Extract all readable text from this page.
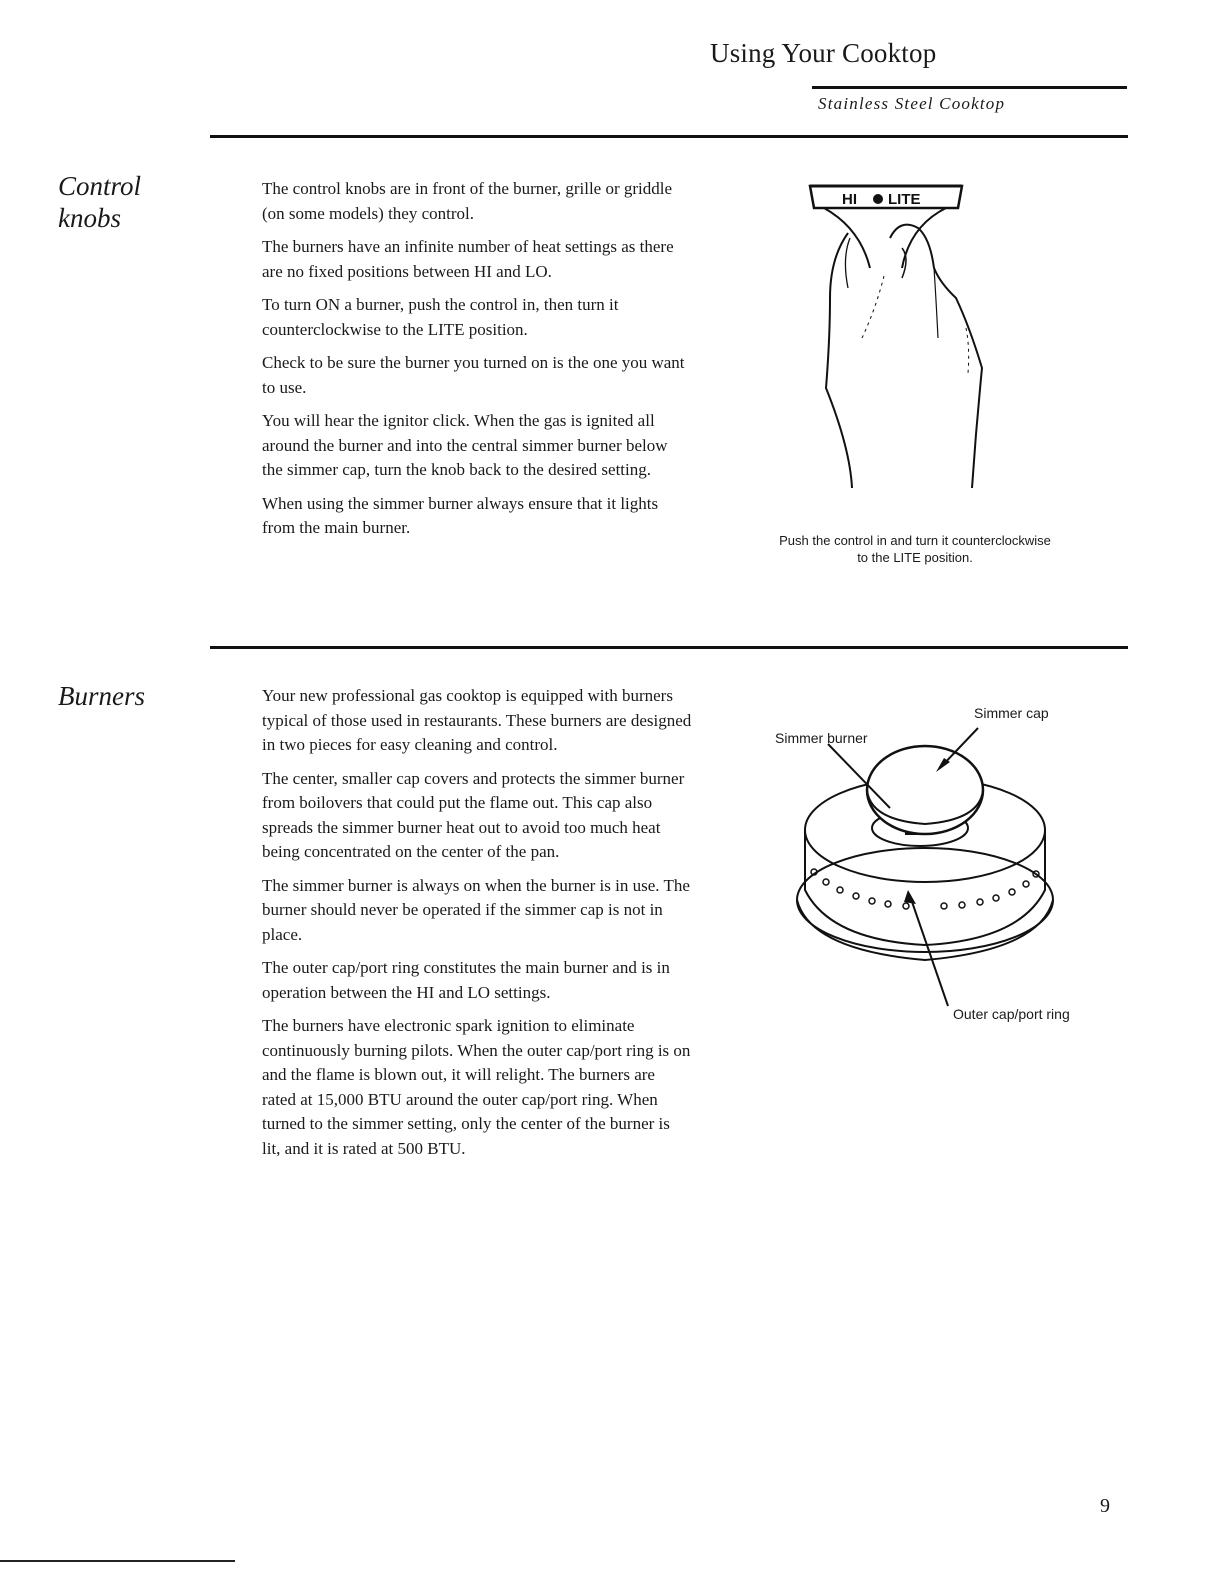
Using Your Cooktop
Stainless Steel Cooktop
Control
knobs

The control knobs are in front of the burner, grille or griddle (on some models) they control.

The burners have an infinite number of heat settings as there are no fixed positions between HI and LO.

To turn ON a burner, push the control in, then turn it counterclockwise to the LITE position.

Check to be sure the burner you turned on is the one you want to use.

You will hear the ignitor click. When the gas is ignited all around the burner and into the central simmer burner below the simmer cap, turn the knob back to the desired setting.

When using the simmer burner always ensure that it lights from the main burner.

HI LITE
Push the control in and turn it counterclockwise
to the LITE position.
Burners	Your new professional gas cooktop is equipped with burners typical of those used in restaurants. These burners are designed in two pieces for easy cleaning and control.

The center, smaller cap covers and protects the simmer burner from boilovers that could put the flame out. This cap also spreads the simmer burner heat out to avoid too much heat being concentrated on the center of the pan.

The simmer burner is always on when the burner is in use. The burner should never be operated if the simmer cap is not in place.

The outer cap/port ring constitutes the main burner and is in operation between the HI and LO settings.

The burners have electronic spark ignition to eliminate continuously burning pilots. When the outer cap/port ring is on and the flame is blown out, it will relight. The burners are rated at 15,000 BTU around the outer cap/port ring. When turned to the simmer setting, only the center of the burner is lit, and it is rated at 500 BTU.

Simmer cap
Simmer burner
Outer cap/port ring
9
